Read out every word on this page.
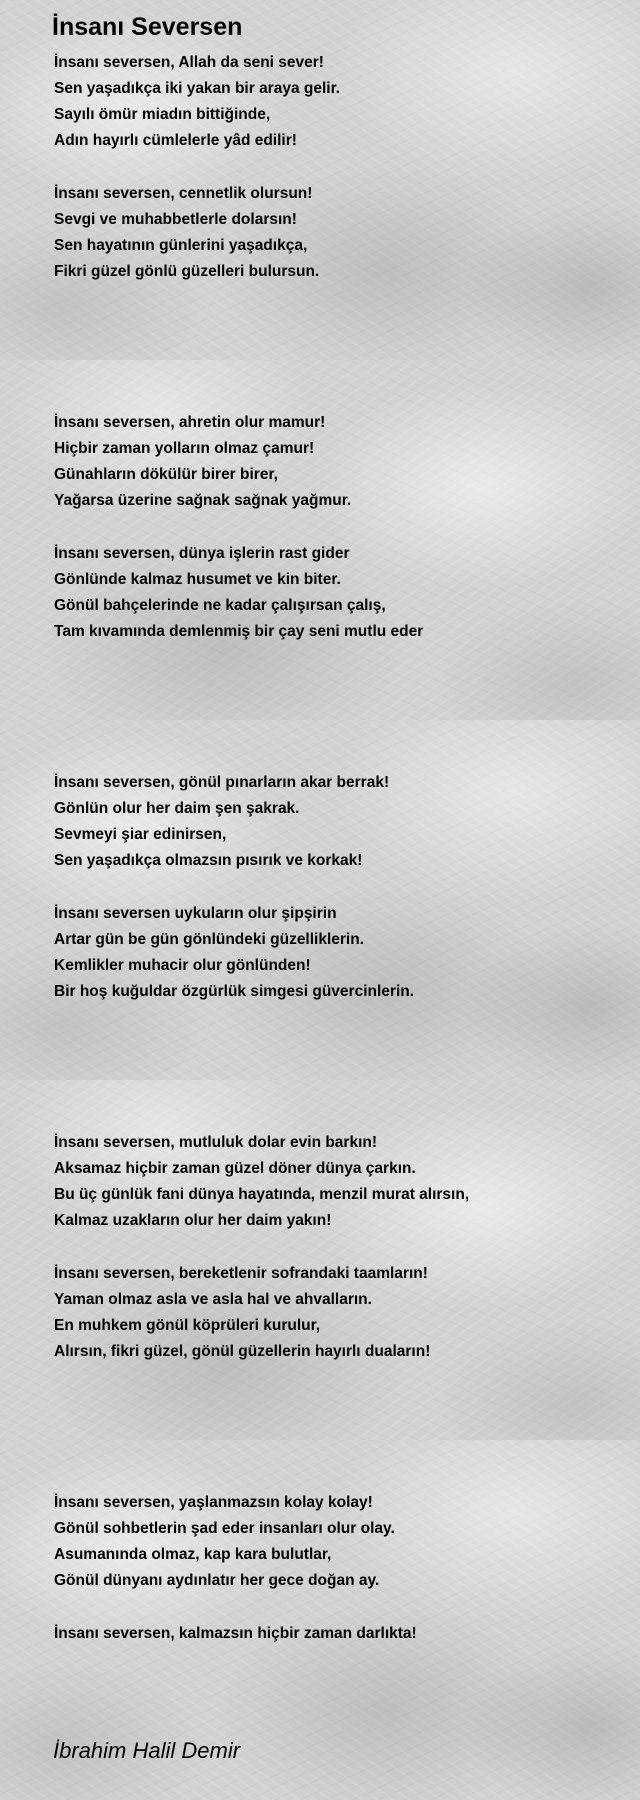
İnsanı Seversen
İnsanı seversen, Allah da seni sever!
Sen yaşadıkça iki yakan bir araya gelir.
Sayılı ömür miadın bittiğinde,
Adın hayırlı cümlelerle yâd edilir!
İnsanı seversen, cennetlik olursun!
Sevgi ve muhabbetlerle dolarsın!
Sen hayatının günlerini yaşadıkça,
Fikri güzel gönlü güzelleri bulursun.
İnsanı seversen, ahretin olur mamur!
Hiçbir zaman yolların olmaz çamur!
Günahların dökülür birer birer,
Yağarsa üzerine sağnak sağnak yağmur.
İnsanı seversen, dünya işlerin rast gider
Gönlünde kalmaz husumet ve kin biter.
Gönül bahçelerinde ne kadar çalışırsan çalış,
Tam kıvamında demlenmiş bir çay seni mutlu eder
İnsanı seversen, gönül pınarların akar berrak!
Gönlün olur her daim şen şakrak.
Sevmeyi şiar edinirsen,
Sen yaşadıkça olmazsın pısırık ve korkak!
İnsanı seversen uykuların olur şipşirin
Artar gün be gün gönlündeki güzelliklerin.
Kemlikler muhacir olur gönlünden!
Bir hoş kuğuldar özgürlük simgesi güvercinlerin.
İnsanı seversen, mutluluk dolar evin barkın!
Aksamaz hiçbir zaman güzel döner dünya çarkın.
Bu üç günlük fani dünya hayatında, menzil murat alırsın,
Kalmaz uzakların olur her daim yakın!
İnsanı seversen, bereketlenir sofrandaki taamların!
Yaman olmaz asla ve asla hal ve ahvalların.
En muhkem gönül köprüleri kurulur,
Alırsın, fikri güzel, gönül güzellerin hayırlı duaların!
İnsanı seversen, yaşlanmazsın kolay kolay!
Gönül sohbetlerin şad eder insanları olur olay.
Asumanında olmaz, kap kara bulutlar,
Gönül dünyanı aydınlatır her gece doğan ay.
İnsanı seversen, kalmazsın hiçbir zaman darlıkta!
İbrahim Halil Demir
